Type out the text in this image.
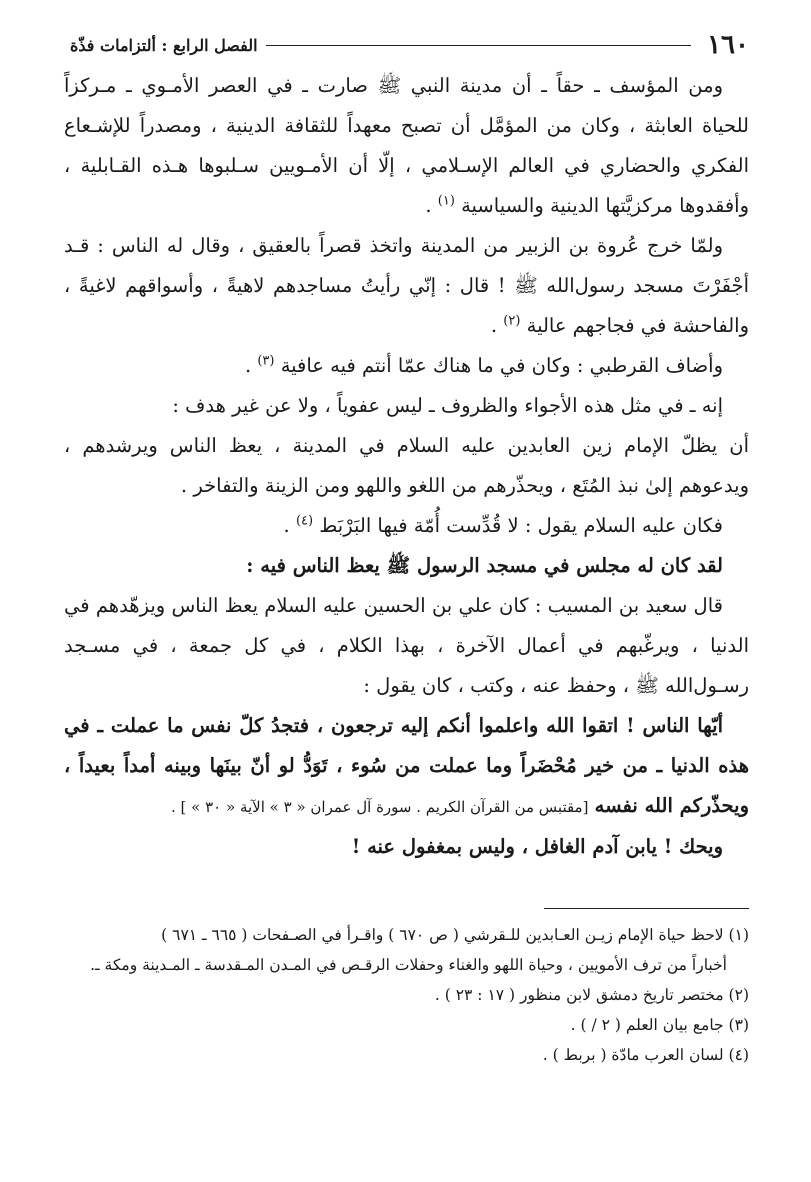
١٦٠
الفصل الرابع : ألتزامات فذّة

ومن المؤسف ـ حقاً ـ أن مدينة النبي ﷺ صارت ـ في العصر الأمـوي ـ مـركزاً للحياة العابثة ، وكان من المؤمَّل أن تصبح معهداً للثقافة الدينية ، ومصدراً للإشـعاع الفكري والحضاري في العالم الإسـلامي ، إلّا أن الأمـويين سـلبوها هـذه القـابلية ، وأفقدوها مركزيَّتها الدينية والسياسية $^{(١)}$ .

ولمّا خرج عُروة بن الزبير من المدينة واتخذ قصراً بالعقيق ، وقال له الناس : قـد أجْفَرْتَ مسجد رسول‌الله ﷺ ! قال : إنّي رأيتُ مساجدهم لاهيةً ، وأسواقهم لاغيةً ، والفاحشة في فجاجهم عالية $^{(٢)}$ .

وأضاف القرطبي : وكان في ما هناك عمّا أنتم فيه عافية $^{(٣)}$ .

إنه ـ في مثل هذه الأجواء والظروف ـ ليس عفوياً ، ولا عن غير هدف :

أن يظلّ الإمام زين العابدين عليه السلام في المدينة ، يعظ الناس ويرشدهم ، ويدعوهم إلىٰ نبذ المُتَع ، ويحذّرهم من اللغو واللهو ومن الزينة والتفاخر .

فكان عليه السلام يقول : لا قُدِّست أُمّة فيها البَرْبَط $^{(٤)}$ .

لقد كان له مجلس في مسجد الرسول ﷺ يعظ الناس فيه :

قال سعيد بن المسيب : كان علي بن الحسين عليه السلام يعظ الناس ويزهّدهم في الدنيا ، ويرغّبهم في أعمال الآخرة ، بهذا الكلام ، في كل جمعة ، في مسـجد رسـول‌الله ﷺ ، وحفظ عنه ، وكتب ، كان يقول :

أيّها الناس ! اتقوا الله واعلموا أنكم إليه ترجعون ، فتجدُ كلّ نفس ما عملت ـ في هذه الدنيا ـ من خير مُحْضَراً وما عملت من سُوء ، تَوَدُّ لو أنّ بينَها وبينه أمداً بعيداً ، ويحذّركم الله نفسه [مقتبس من القرآن الكريم . سورة آل عمران « ٣ » الآية « ٣٠ » ] .

ويحك ! يابن آدم الغافل ، وليس بمغفول عنه !

(١) لاحظ حياة الإمام زيـن العـابدين للـقرشي ( ص ٦٧٠ ) واقـرأ في الصـفحات ( ٦٦٥ ـ ٦٧١ )

أخباراً من ترف الأمويين ، وحياة اللهو والغناء وحفلات الرقـص في المـدن المـقدسة ـ المـدينة ومكة ـ.

(٢) مختصر تاريخ دمشق لابن منظور ( ١٧ : ٢٣ ) .

(٣) جامع بيان العلم ( ٢ / ) .

(٤) لسان العرب مادّة ( بربط ) .
